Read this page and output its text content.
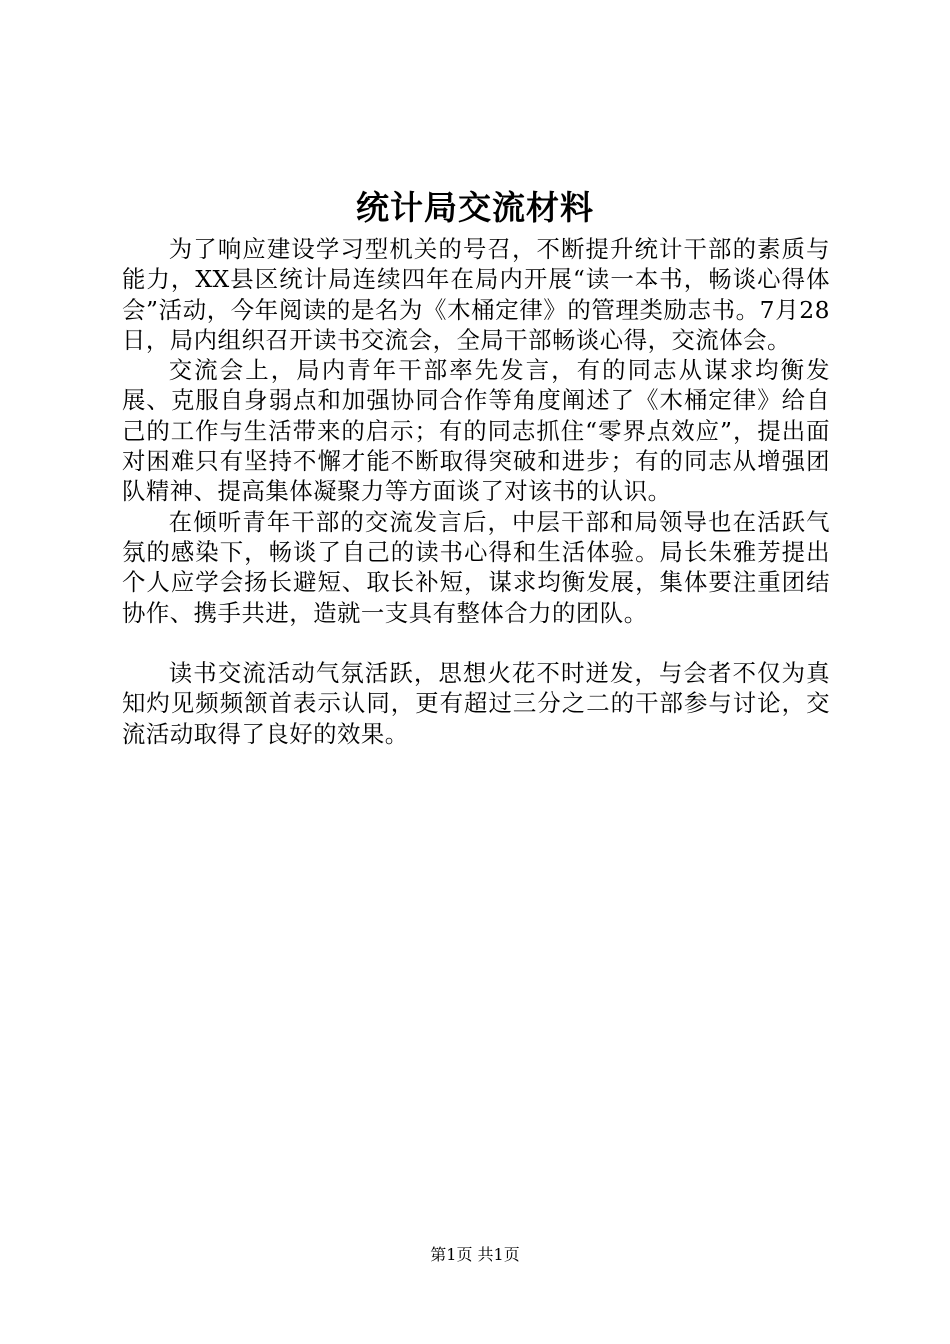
统计局交流材料

为了响应建设学习型机关的号召，不断提升统计干部的素质与能力，XX县区统计局连续四年在局内开展“读一本书，畅谈心得体会”活动，今年阅读的是名为《木桶定律》的管理类励志书。7月28日，局内组织召开读书交流会，全局干部畅谈心得，交流体会。

交流会上，局内青年干部率先发言，有的同志从谋求均衡发展、克服自身弱点和加强协同合作等角度阐述了《木桶定律》给自己的工作与生活带来的启示；有的同志抓住“零界点效应”，提出面对困难只有坚持不懈才能不断取得突破和进步；有的同志从增强团队精神、提高集体凝聚力等方面谈了对该书的认识。

在倾听青年干部的交流发言后，中层干部和局领导也在活跃气氛的感染下，畅谈了自己的读书心得和生活体验。局长朱雅芳提出个人应学会扬长避短、取长补短，谋求均衡发展，集体要注重团结协作、携手共进，造就一支具有整体合力的团队。

读书交流活动气氛活跃，思想火花不时迸发，与会者不仅为真知灼见频频颔首表示认同，更有超过三分之二的干部参与讨论，交流活动取得了良好的效果。

第1页 共1页
